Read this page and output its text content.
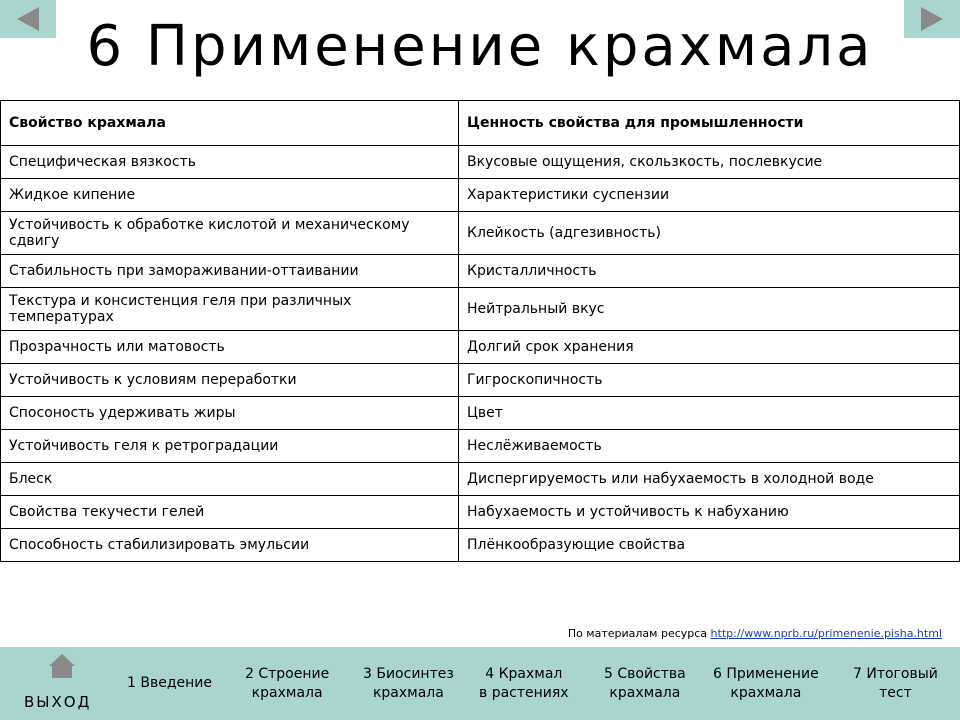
6 Применение крахмала
Свойство крахмала	Ценность свойства для промышленности
Специфическая вязкость	Вкусовые ощущения, скользкость, послевкусие
Жидкое кипение	Характеристики суспензии
Устойчивость к обработке кислотой и механическому сдвигу	Клейкость (адгезивность)
Стабильность при замораживании-оттаивании	Кристалличность
Текстура и консистенция геля при различных температурах	Нейтральный вкус
Прозрачность или матовость	Долгий срок хранения
Устойчивость к условиям переработки	Гигроскопичность
Спосоность удерживать жиры	Цвет
Устойчивость геля к ретроградации	Неслёживаемость
Блеск	Диспергируемость или набухаемость в холодной воде
Свойства текучести гелей	Набухаемость и устойчивость к набуханию
Способность стабилизировать эмульсии	Плёнкообразующие свойства
По материалам ресурса http://www.nprb.ru/primenenie.pisha.html
ВЫХОД
1 Введение
2 Строение
крахмала
3 Биосинтез
крахмала
4 Крахмал
в растениях
5 Свойства
крахмала
6 Применение
крахмала
7 Итоговый
тест
